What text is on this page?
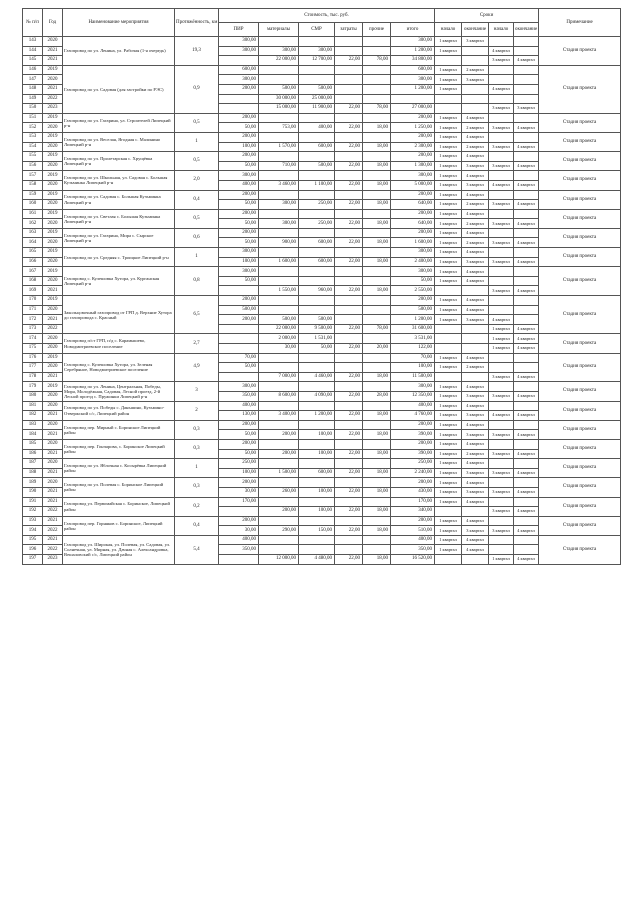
№ п/п	Год	Наименование мероприятия	Протяжённость, км	Стоимость, тыс. руб.						Сроки				Примечание
				ПИР	материалы	СМР	затраты	прочие	итого	начало	окончание	начало	окончание	
143	2020	Газопровод по ул. Ленина, ул. Рабочая (1-я очередь)	19,3	300,00					300,00	1 квартал	3 квартал			Стадия проекта
144	2021			300,00	300,00	300,00			1 200,00	1 квартал		4 квартал		
145	2021				22 000,00	12 700,00	22,00	78,00	34 800,00			3 квартал	4 квартал	
146	2019	Газопровод по ул. Садовая (для застройки по РЭС)	0,9	600,00					600,00	1 квартал	2 квартал			Стадия проекта
147	2020			300,00					300,00	1 квартал	3 квартал			
148	2021			200,00	500,00	500,00			1 200,00	1 квартал		4 квартал		
149	2022				30 000,00	25 000,00								
150	2023				15 000,00	11 900,00	22,00	78,00	27 000,00			3 квартал	3 квартал	
151	2019	Газопровод по ул. Гагарина, ул. Строителей Липецкий р-н	0,5	200,00					200,00	1 квартал	4 квартал			Стадия проекта
152	2020			50,00	753,00	400,00	22,00	18,00	1 250,00	1 квартал	2 квартал	3 квартал	4 квартал	
153	2019	Газопровод по ул. Веселая, Ягодная с. Малинино Липецкий р-н	1	200,00					200,00	1 квартал	4 квартал			Стадия проекта
154	2020			100,00	1 570,00	600,00	22,00	18,00	2 300,00	1 квартал	2 квартал	3 квартал	4 квартал	
155	2019	Газопровод по ул. Пролетарская с. Хрущёвка Липецкий р-н	0,5	200,00					200,00	1 квартал	4 квартал			Стадия проекта
156	2020			50,00	710,00	500,00	22,00	18,00	1 300,00	1 квартал	3 квартал	3 квартал	4 квартал	
157	2019	Газопровод по ул. Школьная, ул. Садовая с. Большая Кузьминка Липецкий р-н	2,0	300,00					300,00	1 квартал	4 квартал			Стадия проекта
158	2020			400,00	3 460,00	1 100,00	22,00	18,00	5 000,00	1 квартал	3 квартал	4 квартал	4 квартал	
159	2019	Газопровод по ул. Садовая с. Большая Кузьминка Липецкий р-н	0,4	200,00					200,00	1 квартал	4 квартал			Стадия проекта
160	2020			50,00	300,00	250,00	22,00	18,00	640,00	1 квартал	2 квартал	3 квартал	4 квартал	
161	2019	Газопровод по ул. Светлая с. Большая Кузьминка Липецкий р-н	0,5	200,00					200,00	1 квартал	4 квартал			Стадия проекта
162	2020			50,00	300,00	250,00	22,00	18,00	640,00	1 квартал	2 квартал	3 квартал	4 квартал	
163	2019	Газопровод по ул. Гагарина, Мира с. Сырское Липецкий р-н	0,6	200,00					200,00	1 квартал	4 квартал			Стадия проекта
164	2020			50,00	900,00	600,00	22,00	18,00	1 600,00	1 квартал	2 квартал	3 квартал	4 квартал	
165	2019	Газопровод по ул. Средняя с. Троицкое Липецкий р-н	1	300,00					300,00	1 квартал	4 квартал			Стадия проекта
166	2020			100,00	1 600,00	600,00	22,00	18,00	2 400,00	1 квартал	3 квартал	3 квартал	4 квартал	
167	2019	Газопровод с. Кулешовка Хутора, ул. Курганская Липецкий р-н	0,8	300,00					300,00	1 квартал	4 квартал			Стадия проекта
168	2020			50,00					50,00	1 квартал	4 квартал			
169	2021				1 550,00	960,00	22,00	18,00	2 550,00			3 квартал	4 квартал	
170	2019	Закольцовочный газопровод от ГРП д. Верхние Хутора до газопровода с. Красный	6,5	200,00					200,00	1 квартал	4 квартал			Стадия проекта
171	2020			500,00					500,00	1 квартал	4 квартал			
172	2021			200,00	500,00	500,00			1 200,00	1 квартал	3 квартал	4 квартал		
173	2022				22 000,00	9 500,00	22,00	78,00	31 600,00			1 квартал	4 квартал	
174	2020	Газопровод п/ст ГРП, п/д с. Карамышево, Новодмитриевское поселение	2,7		2 000,00	1 531,00			3 531,00			1 квартал	4 квартал	Стадия проекта
175	2020				30,00	50,00	22,00	20,00	122,00			1 квартал	4 квартал	
176	2019	Газопровод с. Кулешовка Хутора, ул. Зеленая Серебряное, Новодмитриевское поселение	4,9	70,00					70,00	1 квартал	4 квартал			Стадия проекта
177	2020			50,00					100,00	1 квартал	2 квартал			
178	2021				7 000,00	4 460,00	22,00	18,00	11 500,00			3 квартал	4 квартал	
179	2019	Газопровод по ул. Ленина, Центральная, Победы, Мира, Молодёжная, Садовая, Лесной проезд, 2-й Лесной проезд с. Пружинки Липецкий р-н	3	300,00					300,00	1 квартал	4 квартал			Стадия проекта
180	2020			350,00	8 600,00	4 090,00	22,00	28,00	12 350,00	1 квартал	3 квартал	3 квартал	4 квартал	
181	2020	Газопровод по ул. Победы с. Даньшино, Кузьмино-Отвержский с/с, Липецкий район	2	400,00					400,00	1 квартал	4 квартал			Стадия проекта
182	2021			130,00	3 400,00	1 200,00	22,00	18,00	4 760,00	1 квартал	3 квартал	4 квартал	4 квартал	
183	2020	Газопровод пер. Мирный с. Боринское Липецкий район	0,3	200,00					200,00	1 квартал	4 квартал			Стадия проекта
184	2021			50,00	200,00	100,00	22,00	18,00	390,00	1 квартал	3 квартал	3 квартал	4 квартал	
185	2020	Газопровод пер. Гончарова, с. Боринское Липецкий район	0,3	200,00					200,00	1 квартал	4 квартал			Стадия проекта
186	2021			50,00	200,00	100,00	22,00	18,00	390,00	1 квартал	2 квартал	3 квартал	4 квартал	
187	2020	Газопровод по ул. Яблочная с. Косырёвка Липецкий район	1	250,00					250,00	1 квартал	4 квартал			Стадия проекта
188	2021			100,00	1 500,00	600,00	22,00	18,00	2 240,00	1 квартал	3 квартал	3 квартал	4 квартал	
189	2020	Газопровод по ул. Полевая с. Боринское Липецкий район	0,3	200,00					200,00	1 квартал	4 квартал			Стадия проекта
190	2021			30,00	260,00	100,00	22,00	18,00	430,00	1 квартал	3 квартал	3 квартал	4 квартал	
191	2021	Газопровод ул. Первомайская с. Боринское, Липецкий район	0,2	170,00					170,00	1 квартал	4 квартал			Стадия проекта
192	2022				200,00	100,00	22,00	18,00	340,00			3 квартал	4 квартал	
193	2021	Газопровод пер. Горняков с. Боринское, Липецкий район	0,4	200,00					200,00	1 квартал	4 квартал			Стадия проекта
194	2022			30,00	290,00	150,00	22,00	18,00	510,00	1 квартал	3 квартал	3 квартал	4 квартал	
195	2021	Газопровод ул. Широкая, ул. Полевая, ул. Садовая, ул. Солнечная, ул. Мирная, ул. Дачная с. Александровка, Вешаловский с/с, Липецкий район	5,4	400,00					400,00	1 квартал	4 квартал			Стадия проекта
196	2022			350,00					350,00	1 квартал	4 квартал			
197	2023				12 000,00	4 480,00	22,00	18,00	16 520,00			1 квартал	4 квартал	
